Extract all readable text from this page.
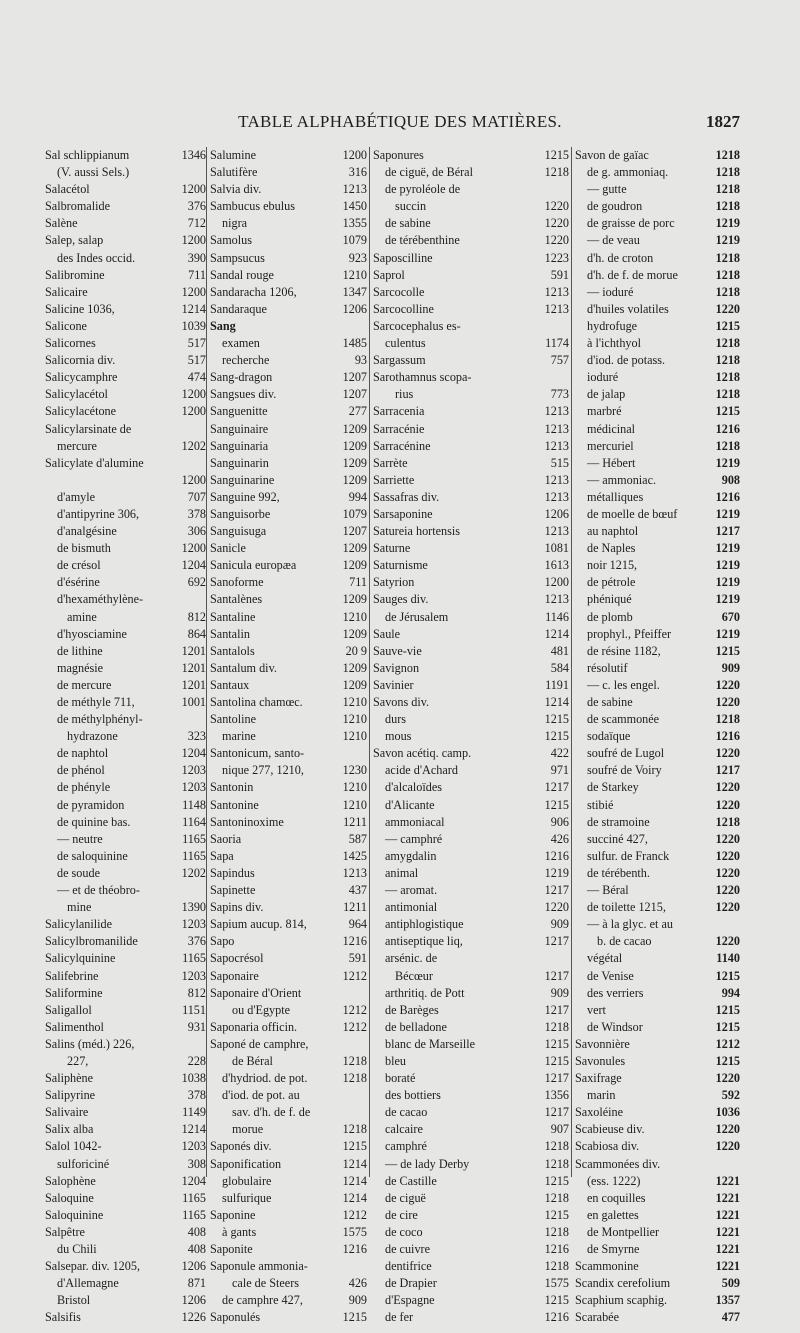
TABLE ALPHABÉTIQUE DES MATIÈRES.	1827
Sal schlippianum	1346
(V. aussi Sels.)
Salacétol	1200
Salbromalide	376
Salène	712
Salep, salap	1200
des Indes occid.	390
Salibromine	711
Salicaire	1200
Salicine 1036,	1214
Salicone	1039
Salicornes	517
Salicornia div.	517
Salicycamphre	474
Salicylacétol	1200
Salicylacétone	1200
Salicylarsinate de
mercure	1202
Salicylate d'alumine
1200
d'amyle	707
d'antipyrine 306,	378
d'analgésine	306
de bismuth	1200
de crésol	1204
d'ésérine	692
d'hexaméthylène-
amine	812
d'hyosciamine	864
de lithine	1201
magnésie	1201
de mercure	1201
de méthyle 711,	1001
de méthylphényl-
hydrazone	323
de naphtol	1204
de phénol	1203
de phényle	1203
de pyramidon	1148
de quinine bas.	1164
— neutre	1165
de saloquinine	1165
de soude	1202
— et de théobro-
mine	1390
Salicylanilide	1203
Salicylbromanilide	376
Salicylquinine	1165
Salifebrine	1203
Saliformine	812
Saligallol	1151
Salimenthol	931
Salins (méd.) 226,
227,	228
Saliphène	1038
Salipyrine	378
Salivaire	1149
Salix alba	1214
Salol 1042-	1203
sulforiciné	308
Salophène	1204
Saloquine	1165
Saloquinine	1165
Salpêtre	408
du Chili	408
Salsepar. div. 1205,	1206
d'Allemagne	871
Bristol	1206
Salsifis	1226
Salumine	1200
Salutifère	316
Salvia div.	1213
Sambucus ebulus	1450
nigra	1355
Samolus	1079
Sampsucus	923
Sandal rouge	1210
Sandaracha 1206,	1347
Sandaraque	1206
Sang
examen	1485
recherche	93
Sang-dragon	1207
Sangsues div.	1207
Sanguenitte	277
Sanguinaire	1209
Sanguinaria	1209
Sanguinarin	1209
Sanguinarine	1209
Sanguine 992,	994
Sanguisorbe	1079
Sanguisuga	1207
Sanicle	1209
Sanicula europæa	1209
Sanoforme	711
Santalènes	1209
Santaline	1210
Santalin	1209
Santalols	20 9
Santalum div.	1209
Santaux	1209
Santolina chamœc.	1210
Santoline	1210
marine	1210
Santonicum, santo-
nique 277, 1210,	1230
Santonin	1210
Santonine	1210
Santoninoxime	1211
Saoria	587
Sapa	1425
Sapindus	1213
Sapinette	437
Sapins div.	1211
Sapium aucup. 814,	964
Sapo	1216
Sapocrésol	591
Saponaire	1212
Saponaire d'Orient
ou d'Egypte	1212
Saponaria officin.	1212
Saponé de camphre,
de Béral	1218
d'hydriod. de pot.	1218
d'iod. de pot. au
sav. d'h. de f. de
morue	1218
Saponés div.	1215
Saponification	1214
globulaire	1214
sulfurique	1214
Saponine	1212
à gants	1575
Saponite	1216
Saponule ammonia-
cale de Steers	426
de camphre 427,	909
Saponulés	1215
Saponures	1215
de ciguë, de Béral	1218
de pyroléole de
succin	1220
de sabine	1220
de térébenthine	1220
Saposcilline	1223
Saprol	591
Sarcocolle	1213
Sarcocolline	1213
Sarcocephalus es-
culentus	1174
Sargassum	757
Sarothamnus scopa-
rius	773
Sarracenia	1213
Sarracénie	1213
Sarracénine	1213
Sarrète	515
Sarriette	1213
Sassafras div.	1213
Sarsaponine	1206
Satureia hortensis	1213
Saturne	1081
Saturnisme	1613
Satyrion	1200
Sauges div.	1213
de Jérusalem	1146
Saule	1214
Sauve-vie	481
Savignon	584
Savinier	1191
Savons div.	1214
durs	1215
mous	1215
Savon acétiq. camp.	422
acide d'Achard	971
d'alcaloïdes	1217
d'Alicante	1215
ammoniacal	906
— camphré	426
amygdalin	1216
animal	1219
— aromat.	1217
antimonial	1220
antiphlogistique	909
antiseptique liq,	1217
arsénic. de
Bécœur	1217
arthritiq. de Pott	909
de Barèges	1217
de belladone	1218
blanc de Marseille	1215
bleu	1215
boraté	1217
des bottiers	1356
de cacao	1217
calcaire	907
camphré	1218
— de lady Derby	1218
de Castille	1215
de ciguë	1218
de cire	1215
de coco	1218
de cuivre	1216
dentifrice	1218
de Drapier	1575
d'Espagne	1215
de fer	1216
Savon de gaïac	1218
de g. ammoniaq.	1218
— gutte	1218
de goudron	1218
de graisse de porc	1219
— de veau	1219
d'h. de croton	1218
d'h. de f. de morue	1218
— ioduré	1218
d'huiles volatiles	1220
hydrofuge	1215
à l'ichthyol	1218
d'iod. de potass.	1218
ioduré	1218
de jalap	1218
marbré	1215
médicinal	1216
mercuriel	1218
— Hébert	1219
— ammoniac.	908
métalliques	1216
de moelle de bœuf	1219
au naphtol	1217
de Naples	1219
noir 1215,	1219
de pétrole	1219
phéniqué	1219
de plomb	670
prophyl., Pfeiffer	1219
de résine 1182,	1215
résolutif	909
— c. les engel.	1220
de sabine	1220
de scammonée	1218
sodaïque	1216
soufré de Lugol	1220
soufré de Voiry	1217
de Starkey	1220
stibié	1220
de stramoine	1218
succiné 427,	1220
sulfur. de Franck	1220
de térébenth.	1220
— Béral	1220
de toilette 1215,	1220
— à la glyc. et au
b. de cacao	1220
végétal	1140
de Venise	1215
des verriers	994
vert	1215
de Windsor	1215
Savonnière	1212
Savonules	1215
Saxifrage	1220
marin	592
Saxoléine	1036
Scabieuse div.	1220
Scabiosa div.	1220
Scammonées div.
(ess. 1222)	1221
en coquilles	1221
en galettes	1221
de Montpellier	1221
de Smyrne	1221
Scammonine	1221
Scandix cerefolium	509
Scaphium scaphig.	1357
Scarabée	477
